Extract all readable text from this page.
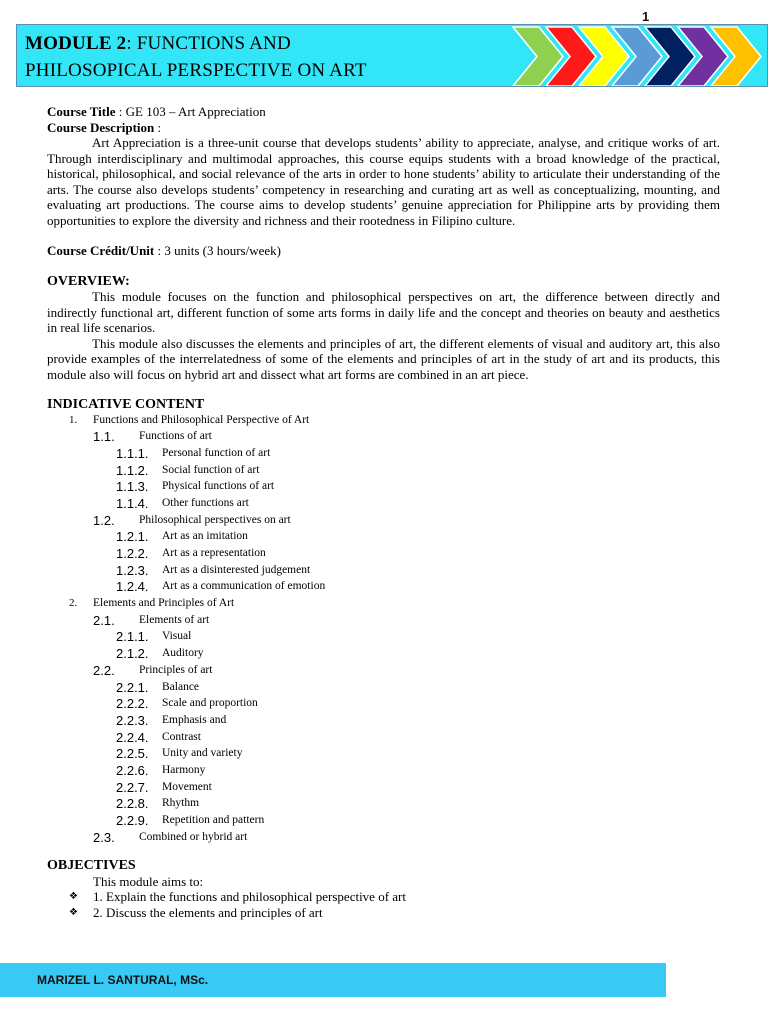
MODULE 2: FUNCTIONS AND
PHILOSOPICAL PERSPECTIVE ON ART

Course Title : GE 103 – Art Appreciation

Course Description :

Art Appreciation is a three-unit course that develops students’ ability to appreciate, analyse, and critique works of art. Through interdisciplinary and multimodal approaches, this course equips students with a broad knowledge of the practical, historical, philosophical, and social relevance of the arts in order to hone students’ ability to articulate their understanding of the arts. The course also develops students’ competency in researching and curating art as well as conceptualizing, mounting, and evaluating art productions. The course aims to develop students’ genuine appreciation for Philippine arts by providing them opportunities to explore the diversity and richness and their rootedness in Filipino culture.

Course Crédit/Unit : 3 units (3 hours/week)

OVERVIEW:

This module focuses on the function and philosophical perspectives on art, the difference between directly and indirectly functional art, different function of some arts forms in daily life and the concept and theories on beauty and aesthetics in real life scenarios.

This module also discusses the elements and principles of art, the different elements of visual and auditory art, this also provide examples of the interrelatedness of some of the elements and principles of art in the study of art and its products, this module also will focus on hybrid art and dissect what art forms are combined in an art piece.

INDICATIVE CONTENT

1. Functions and Philosophical Perspective of Art
1.1. Functions of art
1.1.1. Personal function of art
1.1.2. Social function of art
1.1.3. Physical functions of art
1.1.4. Other functions art
1.2. Philosophical perspectives on art
1.2.1. Art as an imitation
1.2.2. Art as a representation
1.2.3. Art as a disinterested judgement
1.2.4. Art as a communication of emotion
2. Elements and Principles of Art
2.1. Elements of art
2.1.1. Visual
2.1.2. Auditory
2.2. Principles of art
2.2.1. Balance
2.2.2. Scale and proportion
2.2.3. Emphasis and
2.2.4. Contrast
2.2.5. Unity and variety
2.2.6. Harmony
2.2.7. Movement
2.2.8. Rhythm
2.2.9. Repetition and pattern
2.3. Combined or hybrid art

OBJECTIVES

This module aims to:

❖ 1. Explain the functions and philosophical perspective of art
❖ 2. Discuss the elements and principles of art
MARIZEL L. SANTURAL, MSc.
1
